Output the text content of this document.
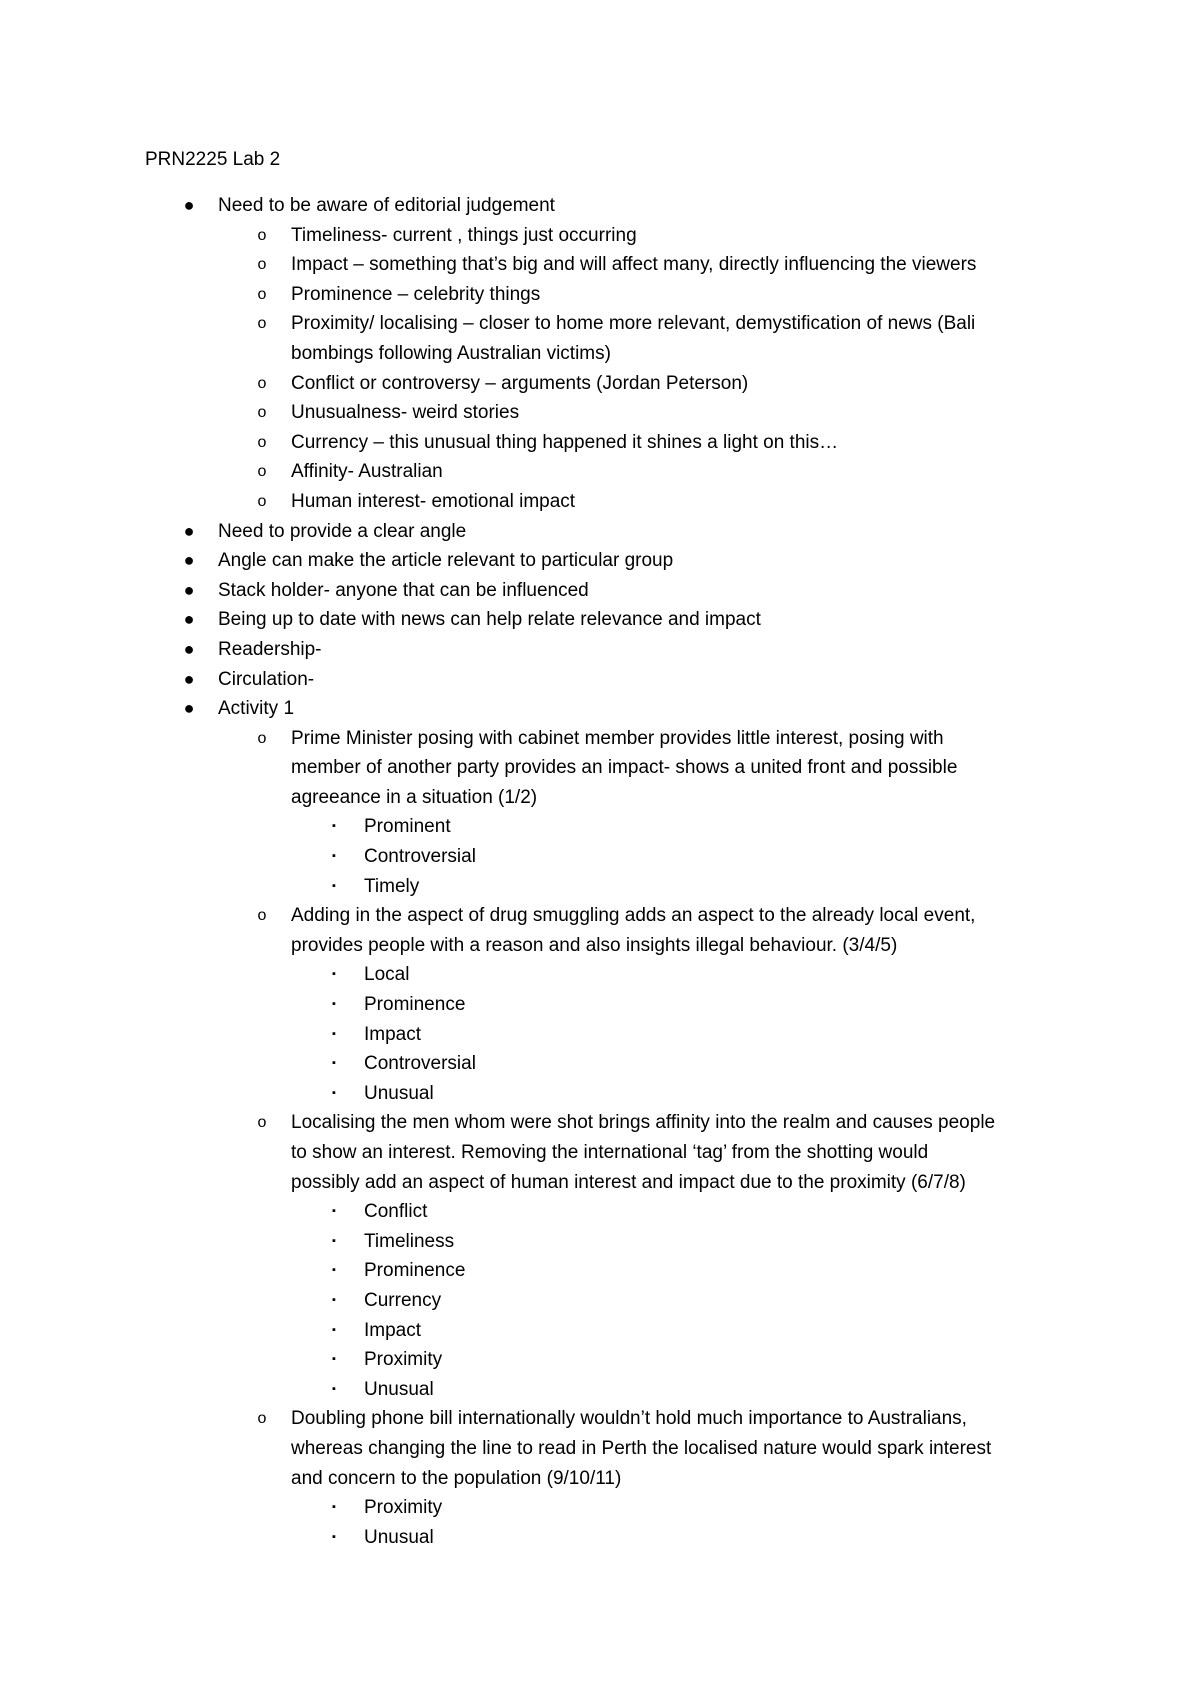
PRN2225 Lab 2
● Need to be aware of editorial judgement
o Timeliness- current , things just occurring
o Impact – something that’s big and will affect many, directly influencing the viewers
o Prominence – celebrity things
o Proximity/ localising – closer to home more relevant, demystification of news (Bali
bombings following Australian victims)
o Conflict or controversy – arguments (Jordan Peterson)
o Unusualness- weird stories
o Currency – this unusual thing happened it shines a light on this…
o Affinity- Australian
o Human interest- emotional impact
● Need to provide a clear angle
● Angle can make the article relevant to particular group
● Stack holder- anyone that can be influenced
● Being up to date with news can help relate relevance and impact
● Readership-
● Circulation-
● Activity 1
o Prime Minister posing with cabinet member provides little interest, posing with
member of another party provides an impact- shows a united front and possible
agreeance in a situation (1/2)
▪	Prominent
▪	Controversial
▪	Timely
o Adding in the aspect of drug smuggling adds an aspect to the already local event,
provides people with a reason and also insights illegal behaviour. (3/4/5)
▪	Local
▪	Prominence
▪	Impact
▪	Controversial
▪	Unusual
o Localising the men whom were shot brings affinity into the realm and causes people
to show an interest. Removing the international ‘tag’ from the shotting would
possibly add an aspect of human interest and impact due to the proximity (6/7/8)
▪	Conflict
▪	Timeliness
▪	Prominence
▪	Currency
▪	Impact
▪	Proximity
▪	Unusual
o Doubling phone bill internationally wouldn’t hold much importance to Australians,
whereas changing the line to read in Perth the localised nature would spark interest
and concern to the population (9/10/11)
▪	Proximity
▪	Unusual
